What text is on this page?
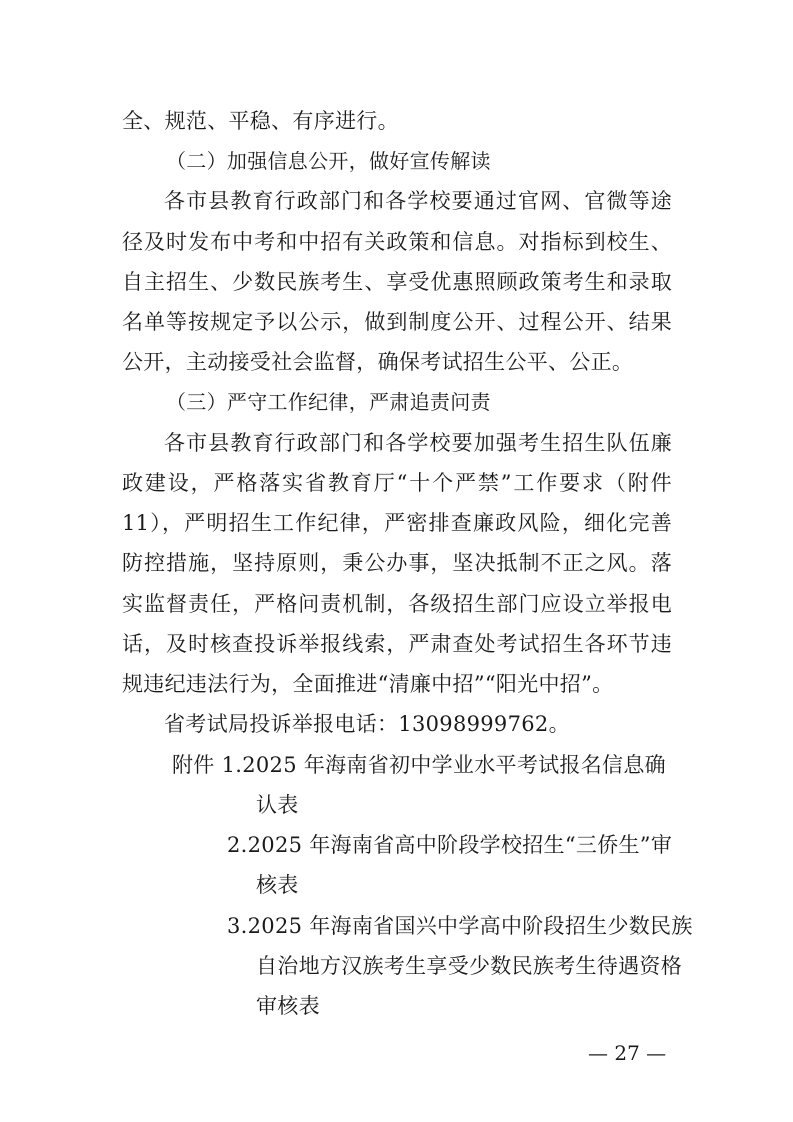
全、规范、平稳、有序进行。
（二）加强信息公开，做好宣传解读
各市县教育行政部门和各学校要通过官网、官微等途
径及时发布中考和中招有关政策和信息。对指标到校生、
自主招生、少数民族考生、享受优惠照顾政策考生和录取
名单等按规定予以公示，做到制度公开、过程公开、结果
公开，主动接受社会监督，确保考试招生公平、公正。
（三）严守工作纪律，严肃追责问责
各市县教育行政部门和各学校要加强考生招生队伍廉
政建设，严格落实省教育厅“十个严禁”工作要求（附件
11），严明招生工作纪律，严密排查廉政风险，细化完善
防控措施，坚持原则，秉公办事，坚决抵制不正之风。落
实监督责任，严格问责机制，各级招生部门应设立举报电
话，及时核查投诉举报线索，严肃查处考试招生各环节违
规违纪违法行为，全面推进“清廉中招”“阳光中招”。
省考试局投诉举报电话：13098999762。
附件 1.2025 年海南省初中学业水平考试报名信息确
认表
2.2025 年海南省高中阶段学校招生“三侨生”审
核表
3.2025 年海南省国兴中学高中阶段招生少数民族
自治地方汉族考生享受少数民族考生待遇资格
审核表
— 27 —
